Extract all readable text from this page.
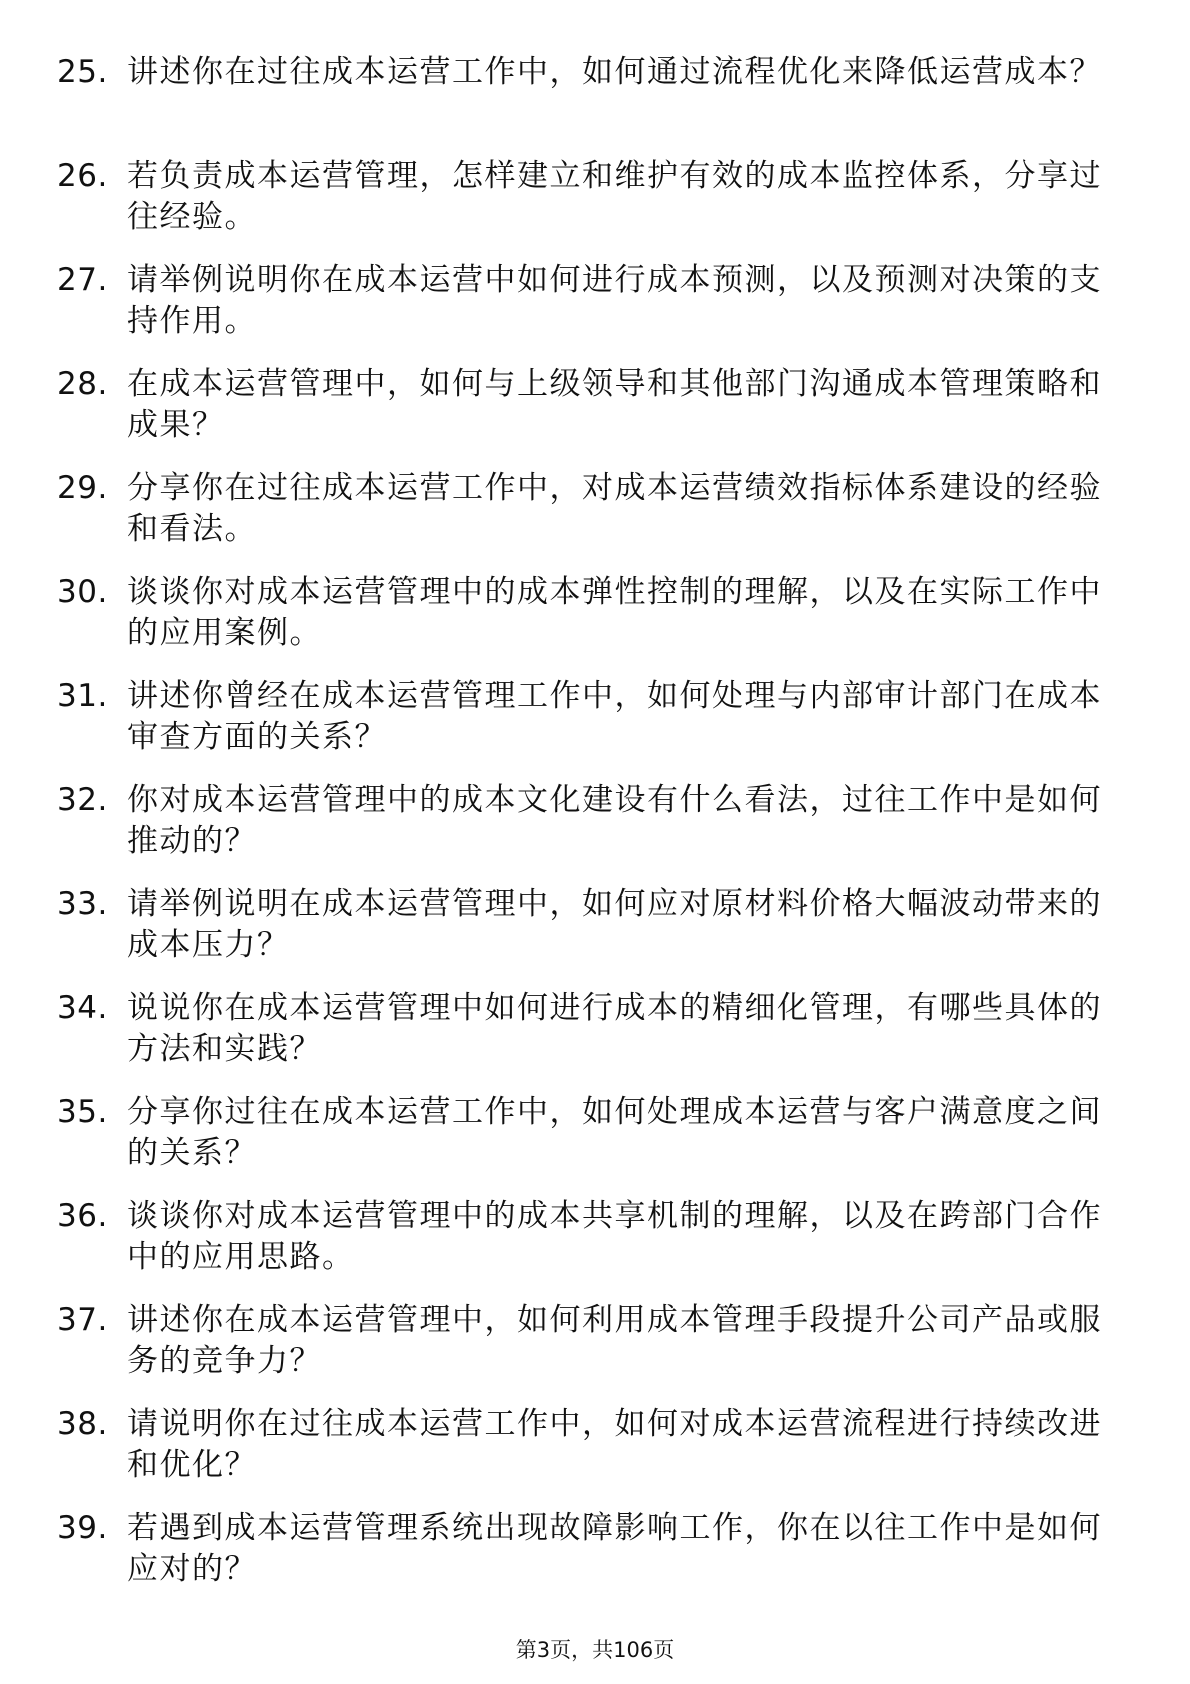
25. 讲述你在过往成本运营工作中，如何通过流程优化来降低运营成本？
26. 若负责成本运营管理，怎样建立和维护有效的成本监控体系，分享过往经验。
27. 请举例说明你在成本运营中如何进行成本预测，以及预测对决策的支持作用。
28. 在成本运营管理中，如何与上级领导和其他部门沟通成本管理策略和成果？
29. 分享你在过往成本运营工作中，对成本运营绩效指标体系建设的经验和看法。
30. 谈谈你对成本运营管理中的成本弹性控制的理解，以及在实际工作中的应用案例。
31. 讲述你曾经在成本运营管理工作中，如何处理与内部审计部门在成本审查方面的关系？
32. 你对成本运营管理中的成本文化建设有什么看法，过往工作中是如何推动的？
33. 请举例说明在成本运营管理中，如何应对原材料价格大幅波动带来的成本压力？
34. 说说你在成本运营管理中如何进行成本的精细化管理，有哪些具体的方法和实践？
35. 分享你过往在成本运营工作中，如何处理成本运营与客户满意度之间的关系？
36. 谈谈你对成本运营管理中的成本共享机制的理解，以及在跨部门合作中的应用思路。
37. 讲述你在成本运营管理中，如何利用成本管理手段提升公司产品或服务的竞争力？
38. 请说明你在过往成本运营工作中，如何对成本运营流程进行持续改进和优化？
39. 若遇到成本运营管理系统出现故障影响工作，你在以往工作中是如何应对的？
第3页，共106页
